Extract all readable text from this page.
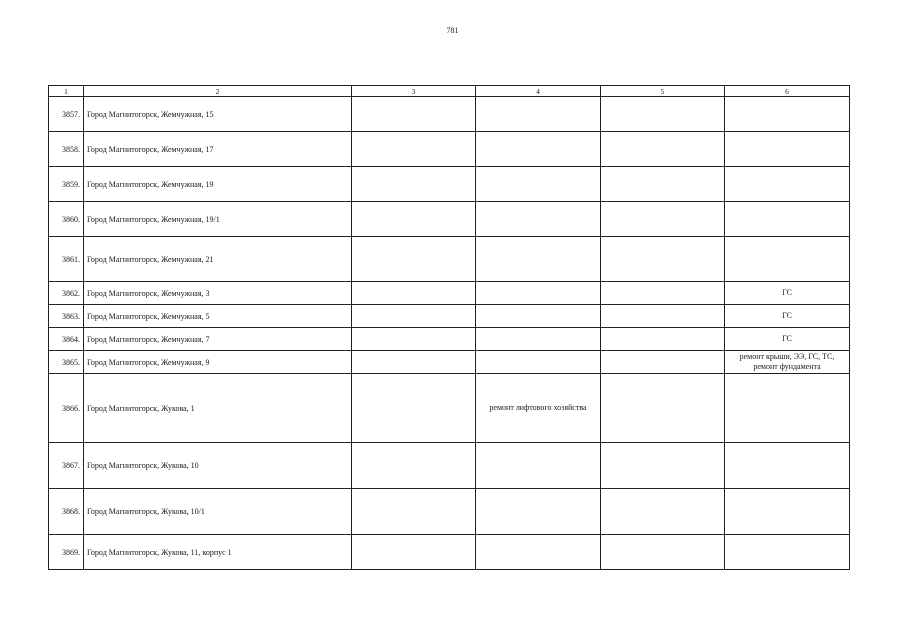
781
1	2	3	4	5	6
3857.	Город Магнитогорск, Жемчужная, 15				
3858.	Город Магнитогорск, Жемчужная, 17				
3859.	Город Магнитогорск, Жемчужная, 19				
3860.	Город Магнитогорск, Жемчужная, 19/1				
3861.	Город Магнитогорск, Жемчужная, 21				
3862.	Город Магнитогорск, Жемчужная, 3				ГС
3863.	Город Магнитогорск, Жемчужная, 5				ГС
3864.	Город Магнитогорск, Жемчужная, 7				ГС
3865.	Город Магнитогорск, Жемчужная, 9				ремонт крыши, ЭЭ, ГС, ТС, ремонт фундамента
3866.	Город Магнитогорск, Жукова, 1		ремонт лифтового хозяйства		
3867.	Город Магнитогорск, Жукова, 10				
3868.	Город Магнитогорск, Жукова, 10/1				
3869.	Город Магнитогорск, Жукова, 11, корпус 1				
